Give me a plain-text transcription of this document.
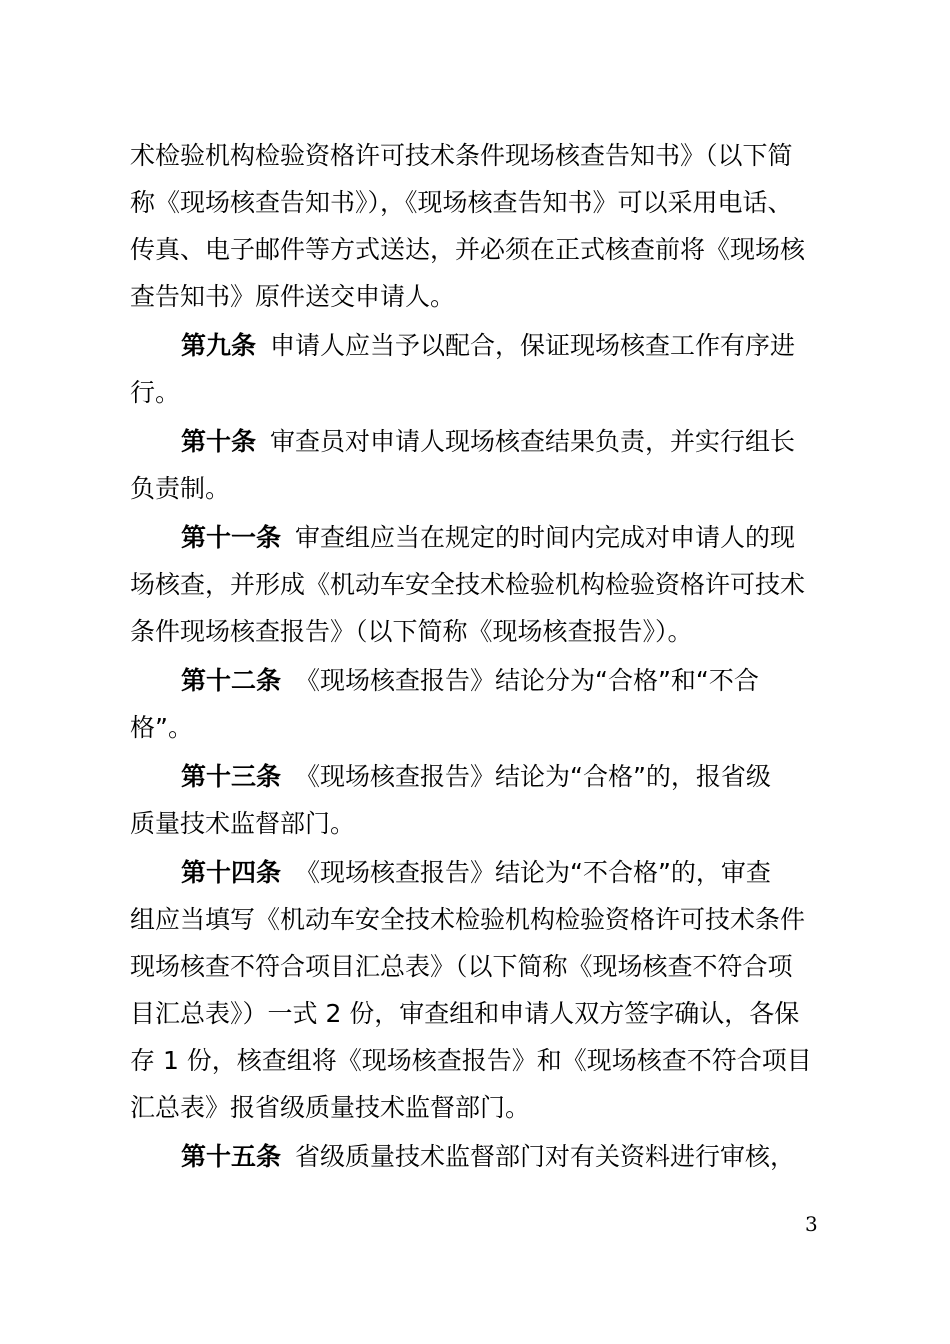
术检验机构检验资格许可技术条件现场核查告知书》（以下简
称《现场核查告知书》），《现场核查告知书》可以采用电话、
传真、电子邮件等方式送达，并必须在正式核查前将《现场核
查告知书》原件送交申请人。
第九条 申请人应当予以配合，保证现场核查工作有序进
行。
第十条 审查员对申请人现场核查结果负责，并实行组长
负责制。
第十一条 审查组应当在规定的时间内完成对申请人的现
场核查，并形成《机动车安全技术检验机构检验资格许可技术
条件现场核查报告》（以下简称《现场核查报告》）。
第十二条 《现场核查报告》结论分为“合格”和“不合
格”。
第十三条 《现场核查报告》结论为“合格”的，报省级
质量技术监督部门。
第十四条 《现场核查报告》结论为“不合格”的，审查
组应当填写《机动车安全技术检验机构检验资格许可技术条件
现场核查不符合项目汇总表》（以下简称《现场核查不符合项
目汇总表》）一式 2 份，审查组和申请人双方签字确认，各保
存 1 份，核查组将《现场核查报告》和《现场核查不符合项目
汇总表》报省级质量技术监督部门。
第十五条 省级质量技术监督部门对有关资料进行审核，
3
